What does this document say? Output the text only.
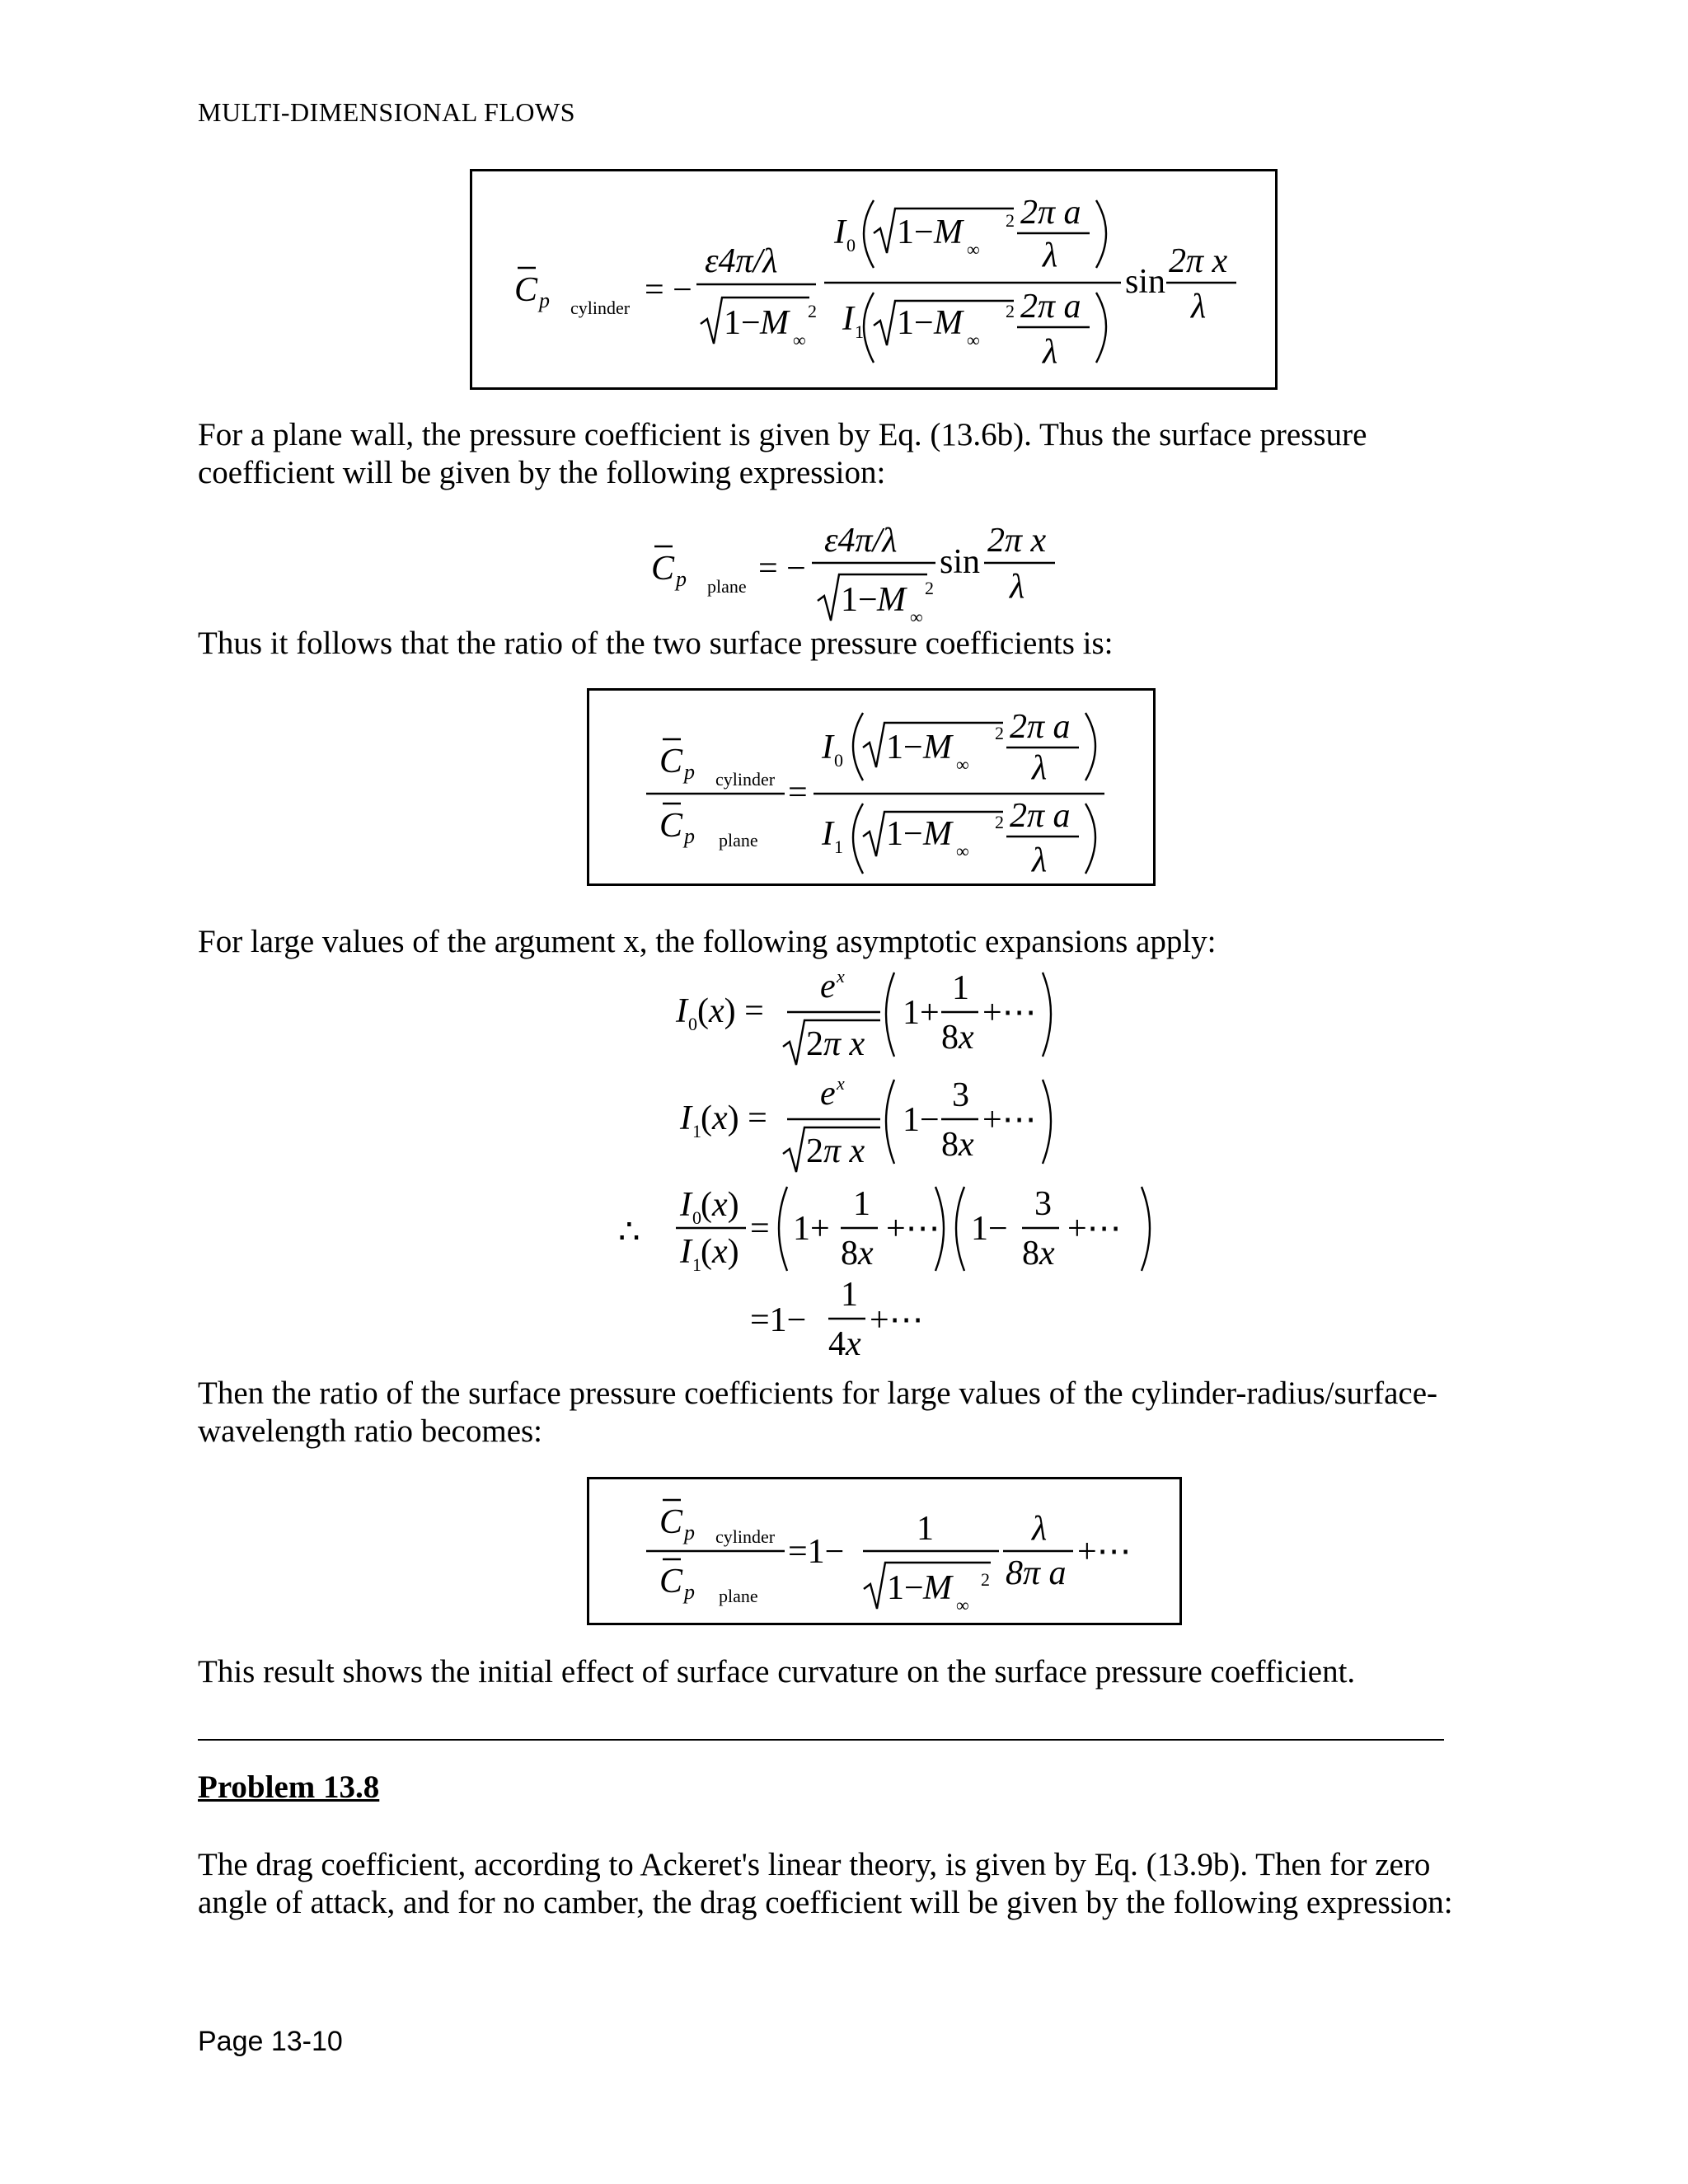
MULTI-DIMENSIONAL FLOWS
C p cylinder = −
ε4π/λ
1− M ∞
2
I 0 1− M ∞
2 2π a
λ
I 1 1− M ∞
2 2π a
λ
sin
2π x
λ
For a plane wall, the pressure coefficient is given by Eq. (13.6b). Thus the surface pressure coefficient will be given by the following expression:
C p plane = −
ε4π/λ
1− M ∞
2
sin
2π x
λ
Thus it follows that the ratio of the two surface pressure coefficients is:
C p cylinder
C p plane
=
I 0 1− M ∞
2 2π a
λ
I 1 1− M ∞
2 2π a
λ
For large values of the argument x, the following asymptotic expansions apply:
I 0 (x) =
e x
2π x
1+
1
8x
+⋯
I 1 (x) =
e x
2π x
1−
3
8x
+⋯
∴
I 0 (x)
I 1 (x)
= 1+
1
8x
+⋯ 1−
3
8x
+⋯
=1−
1
4x
+⋯
Then the ratio of the surface pressure coefficients for large values of the cylinder-radius/surface-wavelength ratio becomes:
C p cylinder
C p plane
=1−
1
1− M ∞
2
λ
8π a
+⋯
This result shows the initial effect of surface curvature on the surface pressure coefficient.
Problem 13.8
The drag coefficient, according to Ackeret's linear theory, is given by Eq. (13.9b). Then for zero angle of attack, and for no camber, the drag coefficient will be given by the following expression:
Page 13-10
